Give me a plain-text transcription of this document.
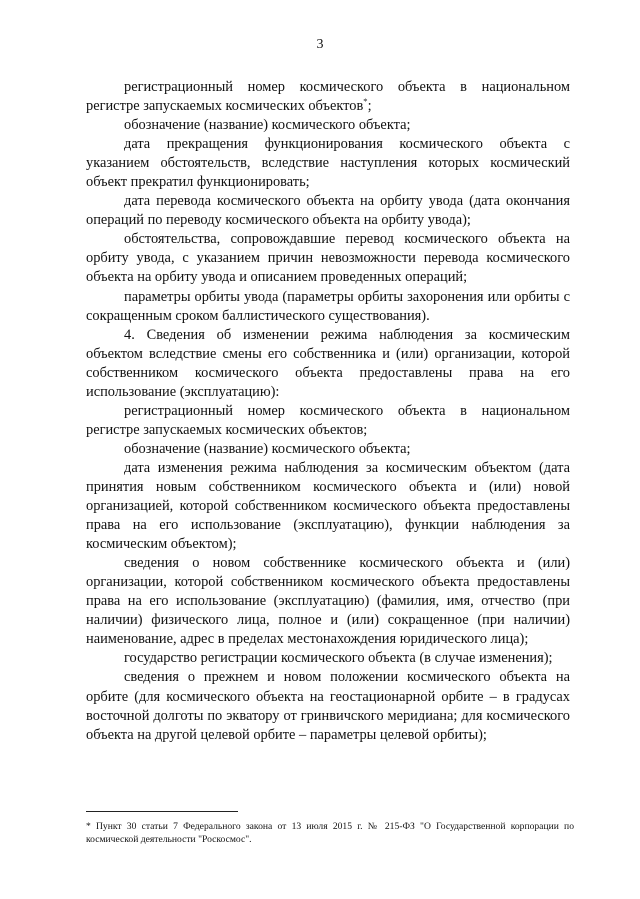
3

регистрационный номер космического объекта в национальном регистре запускаемых космических объектов*;

обозначение (название) космического объекта;

дата прекращения функционирования космического объекта с указанием обстоятельств, вследствие наступления которых космический объект прекратил функционировать;

дата перевода космического объекта на орбиту увода (дата окончания операций по переводу космического объекта на орбиту увода);

обстоятельства, сопровождавшие перевод космического объекта на орбиту увода, с указанием причин невозможности перевода космического объекта на орбиту увода и описанием проведенных операций;

параметры орбиты увода (параметры орбиты захоронения или орбиты с сокращенным сроком баллистического существования).

4. Сведения об изменении режима наблюдения за космическим объектом вследствие смены его собственника и (или) организации, которой собственником космического объекта предоставлены права на его использование (эксплуатацию):

регистрационный номер космического объекта в национальном регистре запускаемых космических объектов;

обозначение (название) космического объекта;

дата изменения режима наблюдения за космическим объектом (дата принятия новым собственником космического объекта и (или) новой организацией, которой собственником космического объекта предоставлены права на его использование (эксплуатацию), функции наблюдения за космическим объектом);

сведения о новом собственнике космического объекта и (или) организации, которой собственником космического объекта предоставлены права на его использование (эксплуатацию) (фамилия, имя, отчество (при наличии) физического лица, полное и (или) сокращенное (при наличии) наименование, адрес в пределах местонахождения юридического лица);

государство регистрации космического объекта (в случае изменения);

сведения о прежнем и новом положении космического объекта на орбите (для космического объекта на геостационарной орбите – в градусах восточной долготы по экватору от гринвичского меридиана; для космического объекта на другой целевой орбите – параметры целевой орбиты);

* Пункт 30 статьи 7 Федерального закона от 13 июля 2015 г. № 215-ФЗ "О Государственной корпорации по космической деятельности "Роскосмос".
